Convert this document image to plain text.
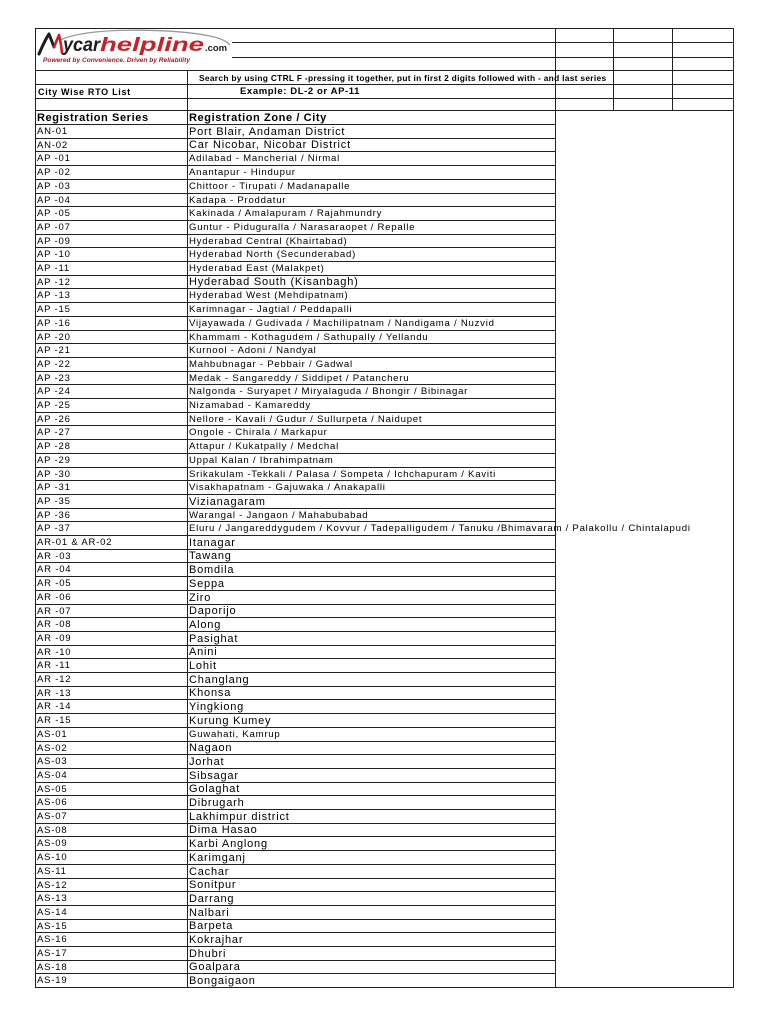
Search by using CTRL F -pressing it together, put in first 2 digits followed with - and last series
City Wise RTO List	Example: DL-2 or AP-11
Registration Series	Registration Zone / City
AN-01	Port Blair, Andaman District
AN-02	Car Nicobar, Nicobar District
AP -01	Adilabad - Mancherial / Nirmal
AP -02	Anantapur - Hindupur
AP -03	Chittoor - Tirupati / Madanapalle
AP -04	Kadapa - Proddatur
AP -05	Kakinada / Amalapuram / Rajahmundry
AP -07	Guntur - Piduguralla / Narasaraopet / Repalle
AP -09	Hyderabad Central (Khairtabad)
AP -10	Hyderabad North (Secunderabad)
AP -11	Hyderabad East (Malakpet)
AP -12	Hyderabad South (Kisanbagh)
AP -13	Hyderabad West (Mehdipatnam)
AP -15	Karimnagar - Jagtial / Peddapalli
AP -16	Vijayawada / Gudivada / Machilipatnam / Nandigama / Nuzvid
AP -20	Khammam - Kothagudem / Sathupally / Yellandu
AP -21	Kurnool - Adoni / Nandyal
AP -22	Mahbubnagar - Pebbair / Gadwal
AP -23	Medak - Sangareddy / Siddipet / Patancheru
AP -24	Nalgonda - Suryapet / Miryalaguda / Bhongir / Bibinagar
AP -25	Nizamabad - Kamareddy
AP -26	Nellore - Kavali / Gudur / Sullurpeta / Naidupet
AP -27	Ongole - Chirala / Markapur
AP -28	Attapur / Kukatpally / Medchal
AP -29	Uppal Kalan / Ibrahimpatnam
AP -30	Srikakulam -Tekkali / Palasa / Sompeta / Ichchapuram / Kaviti
AP -31	Visakhapatnam - Gajuwaka / Anakapalli
AP -35	Vizianagaram
AP -36	Warangal - Jangaon / Mahabubabad
AP -37	Eluru / Jangareddygudem / Kovvur / Tadepalligudem / Tanuku /Bhimavaram / Palakollu / Chintalapudi
AR-01 & AR-02	Itanagar
AR -03	Tawang
AR -04	Bomdila
AR -05	Seppa
AR -06	Ziro
AR -07	Daporijo
AR -08	Along
AR -09	Pasighat
AR -10	Anini
AR -11	Lohit
AR -12	Changlang
AR -13	Khonsa
AR -14	Yingkiong
AR -15	Kurung Kumey
AS-01	Guwahati, Kamrup
AS-02	Nagaon
AS-03	Jorhat
AS-04	Sibsagar
AS-05	Golaghat
AS-06	Dibrugarh
AS-07	Lakhimpur district
AS-08	Dima Hasao
AS-09	Karbi Anglong
AS-10	Karimganj
AS-11	Cachar
AS-12	Sonitpur
AS-13	Darrang
AS-14	Nalbari
AS-15	Barpeta
AS-16	Kokrajhar
AS-17	Dhubri
AS-18	Goalpara
AS-19	Bongaigaon
ycar
helpline .com
Powered by Convenience. Driven by Reliability
